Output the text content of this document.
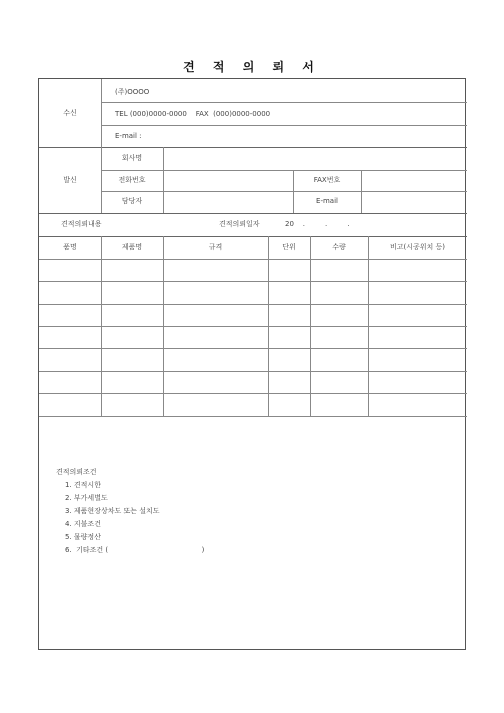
견 적 의 뢰 서
수신
(주)OOOO
TEL (000)0000-0000    FAX  (000)0000-0000
E-mail :
발신
회사명
전화번호	FAX번호
담당자	E-mail
견적의뢰내용	견적의뢰일자	20    .         .         .
품명	제품명	규격	단위	수량	비고(시공위치 등)
견적의뢰조건
1. 견적시한
2. 부가세별도
3. 제품현장상차도 또는 설치도
4. 지불조건
5. 물량정산
6.  기타조건 (                                          )
